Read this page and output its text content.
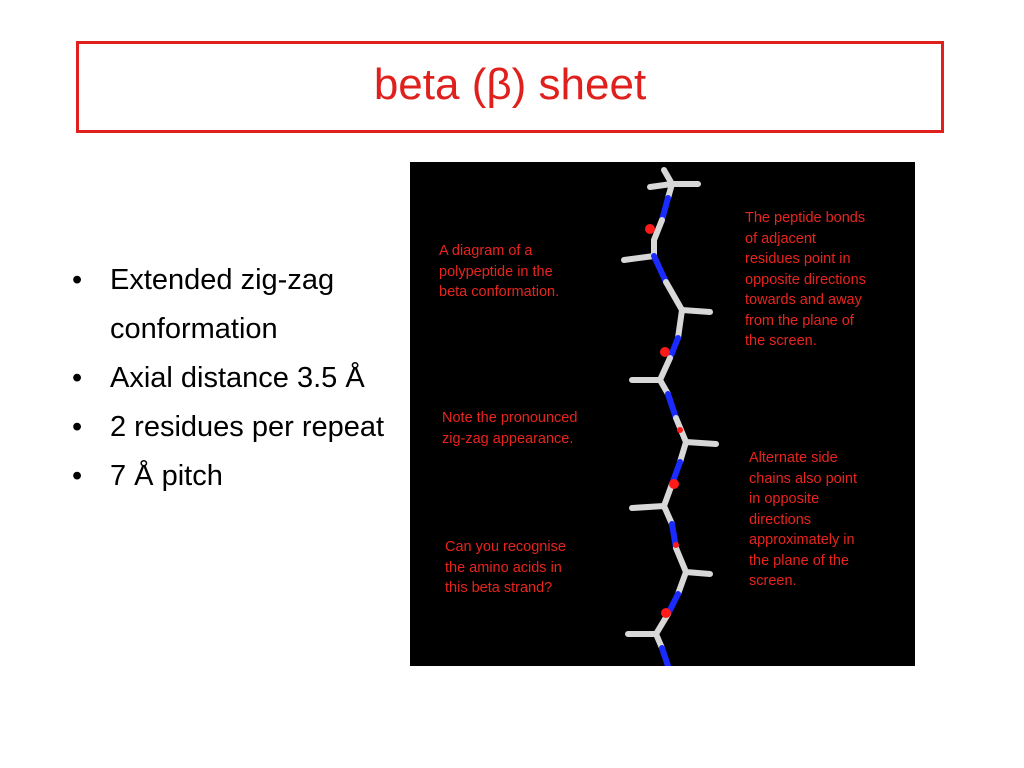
beta (β) sheet
• Extended zig-zag
conformation
• Axial distance 3.5 Å
• 2 residues per repeat
• 7 Å pitch
A diagram of a
polypeptide in the
beta conformation.
The peptide bonds
of adjacent
residues point in
opposite directions
towards and away
from the plane of
the screen.
Note the pronounced
zig-zag appearance.
Alternate side
chains also point
in opposite
directions
approximately in
the plane of the
screen.
Can you recognise
the amino acids in
this beta strand?
